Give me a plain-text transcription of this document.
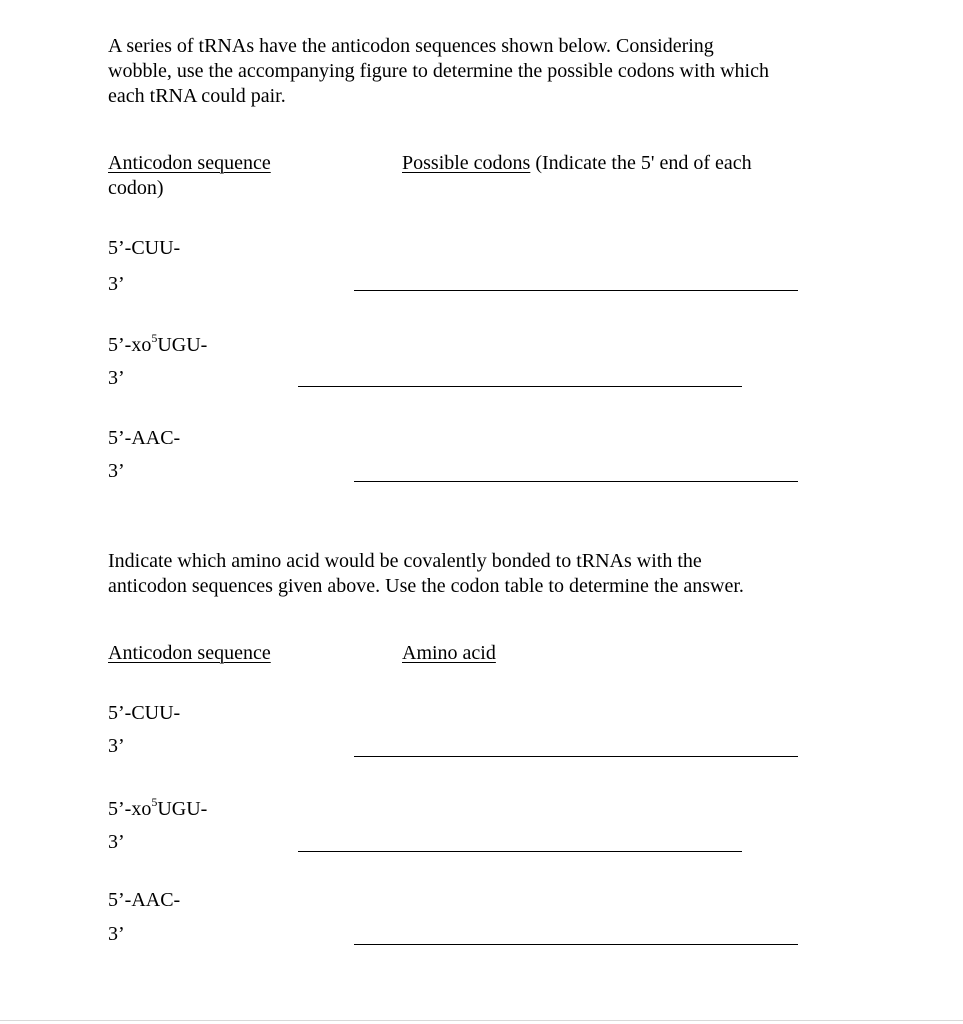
A series of tRNAs have the anticodon sequences shown below. Considering
wobble, use the accompanying figure to determine the possible codons with which
each tRNA could pair.
Anticodon sequence	Possible codons (Indicate the 5' end of each
codon)
5’-CUU-
3’
$5’-xo^5UGU-$
3’
5’-AAC-
3’
Indicate which amino acid would be covalently bonded to tRNAs with the
anticodon sequences given above. Use the codon table to determine the answer.
Anticodon sequence	Amino acid
5’-CUU-
3’
$5’-xo^5UGU-$
3’
5’-AAC-
3’
